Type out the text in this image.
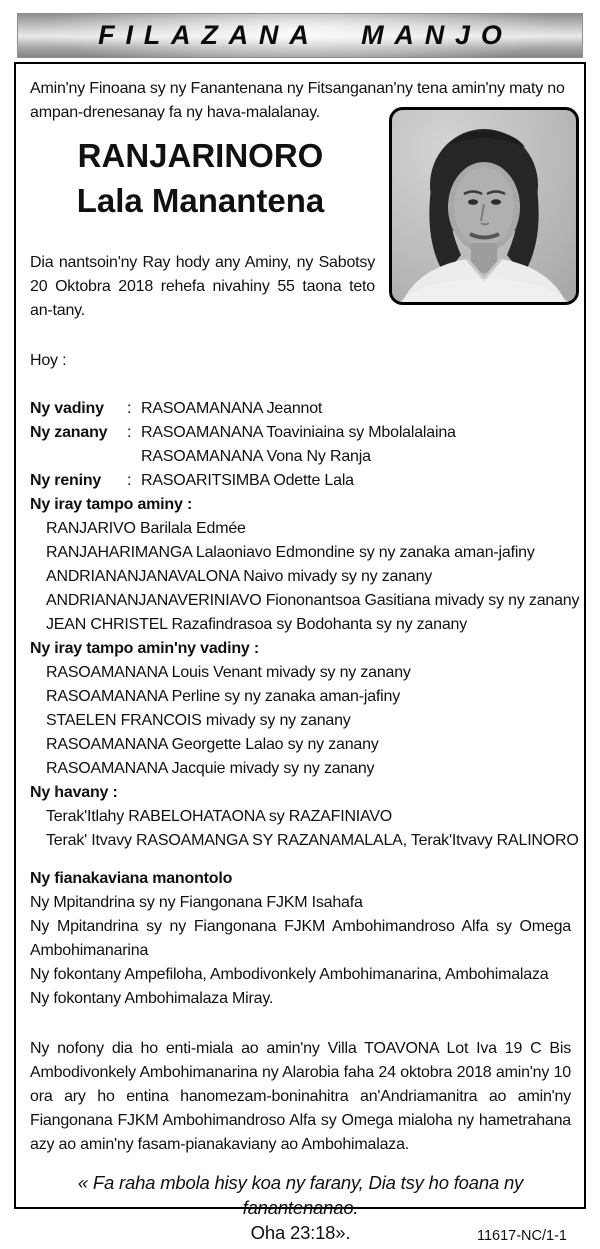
FILAZANA MANJO

Amin'ny Finoana sy ny Fanantenana ny Fitsanganan'ny tena amin'ny maty no ampan-drenesanay fa ny hava-malalanay.

RANJARINORO
Lala Manantena

Dia nantsoin'ny Ray hody any Aminy, ny Sabotsy 20 Oktobra 2018 rehefa nivahiny 55 taona teto an-tany.

Hoy :

Ny vadiny	: RASOAMANANA Jeannot
Ny zanany	: RASOAMANANA Toaviniaina sy Mbolalalaina
RASOAMANANA Vona Ny Ranja
Ny reniny	: RASOARITSIMBA Odette Lala
Ny iray tampo aminy :
RANJARIVO Barilala Edmée
RANJAHARIMANGA Lalaoniavo Edmondine sy ny zanaka aman-jafiny
ANDRIANANJANAVALONA Naivo mivady sy ny zanany
ANDRIANANJANAVERINIAVO Fiononantsoa Gasitiana mivady sy ny zanany
JEAN CHRISTEL Razafindrasoa sy Bodohanta sy ny zanany
Ny iray tampo amin'ny vadiny :
RASOAMANANA Louis Venant mivady sy ny zanany
RASOAMANANA Perline sy ny zanaka aman-jafiny
STAELEN FRANCOIS mivady sy ny zanany
RASOAMANANA Georgette Lalao sy ny zanany
RASOAMANANA Jacquie mivady sy ny zanany
Ny havany :
Terak'Itlahy RABELOHATAONA sy RAZAFINIAVO
Terak' Itvavy RASOAMANGA SY RAZANAMALALA, Terak'Itvavy RALINORO
Ny fianakaviana manontolo
Ny Mpitandrina sy ny Fiangonana FJKM Isahafa
Ny Mpitandrina sy ny Fiangonana FJKM Ambohimandroso Alfa sy Omega Ambohimanarina
Ny fokontany Ampefiloha, Ambodivonkely Ambohimanarina, Ambohimalaza
Ny fokontany Ambohimalaza Miray.

Ny nofony dia ho enti-miala ao amin'ny Villa TOAVONA Lot Iva 19 C Bis Ambodivonkely Ambohimanarina ny Alarobia faha 24 oktobra 2018 amin'ny 10 ora ary ho entina hanomezam-boninahitra an'Andriamanitra ao amin'ny Fiangonana FJKM Ambohimandroso Alfa sy Omega mialoha ny hametrahana azy ao amin'ny fasam-pianakaviany ao Ambohimalaza.

« Fa raha mbola hisy koa ny farany, Dia tsy ho foana ny fanantenanao.
Oha 23:18».	11617-NC/1-1
